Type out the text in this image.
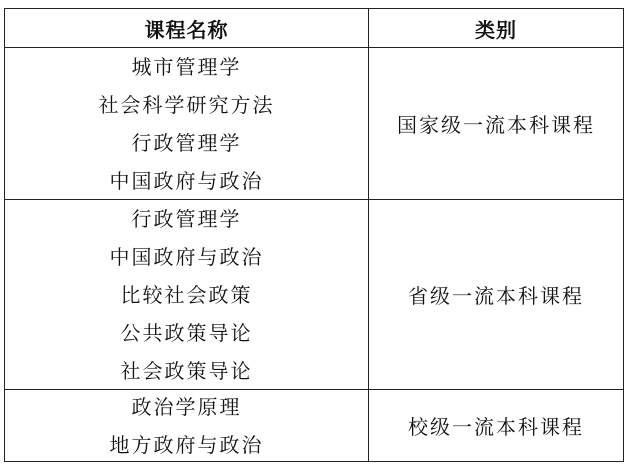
课程名称	类别
城市管理学
社会科学研究方法
行政管理学
中国政府与政治
国家级一流本科课程
行政管理学
中国政府与政治
比较社会政策
公共政策导论
社会政策导论
省级一流本科课程
政治学原理
地方政府与政治
校级一流本科课程
